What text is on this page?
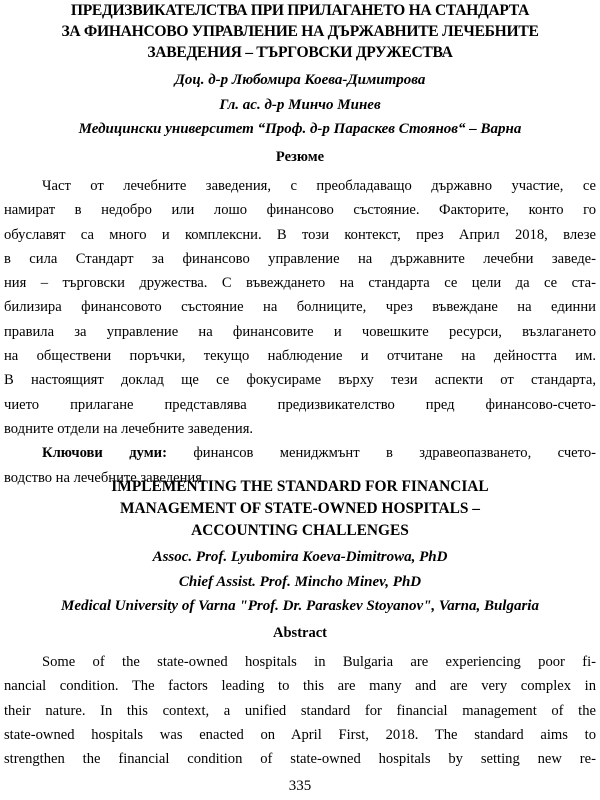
ПРЕДИЗВИКАТЕЛСТВА ПРИ ПРИЛАГАНЕТО НА СТАНДАРТА
ЗА ФИНАНСОВО УПРАВЛЕНИЕ НА ДЪРЖАВНИТЕ ЛЕЧЕБНИТЕ
ЗАВЕДЕНИЯ – ТЪРГОВСКИ ДРУЖЕСТВА
Доц. д-р Любомира Коева-Димитрова
Гл. ас. д-р Минчо Минев
Медицински университет “Проф. д-р Параскев Стоянов“ – Варна
Резюме
Част от лечебните заведения, с преобладаващо държавно участие, се
намират в недобро или лошо финансово състояние. Факторите, конто го
обуславят са много и комплексни. В този контекст, през Април 2018, влезе
в сила Стандарт за финансово управление на държавните лечебни заведе-
ния – търговски дружества. С въвеждането на стандарта се цели да се ста-
билизира финансовото състояние на болниците, чрез въвеждане на единни
правила за управление на финансовите и човешките ресурси, възлагането
на обществени поръчки, текущо наблюдение и отчитане на дейността им.
В настоящият доклад ще се фокусираме върху тези аспекти от стандарта,
чието прилагане представлява предизвикателство пред финансово-счето-
водните отдели на лечебните заведения.
Ключови думи: финансов мениджмънт в здравеопазването, счето-
водство на лечебните заведения.
IMPLEMENTING THE STANDARD FOR FINANCIAL
MANAGEMENT OF STATE-OWNED HOSPITALS –
ACCOUNTING CHALLENGES
Assoc. Prof. Lyubomira Koeva-Dimitrowa, PhD
Chief Assist. Prof. Mincho Minev, PhD
Medical University of Varna "Prof. Dr. Paraskev Stoyanov", Varna, Bulgaria
Abstract
Some of the state-owned hospitals in Bulgaria are experiencing poor fi-
nancial condition. The factors leading to this are many and are very complex in
their nature. In this context, a unified standard for financial management of the
state-owned hospitals was enacted on April First, 2018. The standard aims to
strengthen the financial condition of state-owned hospitals by setting new re-
335
